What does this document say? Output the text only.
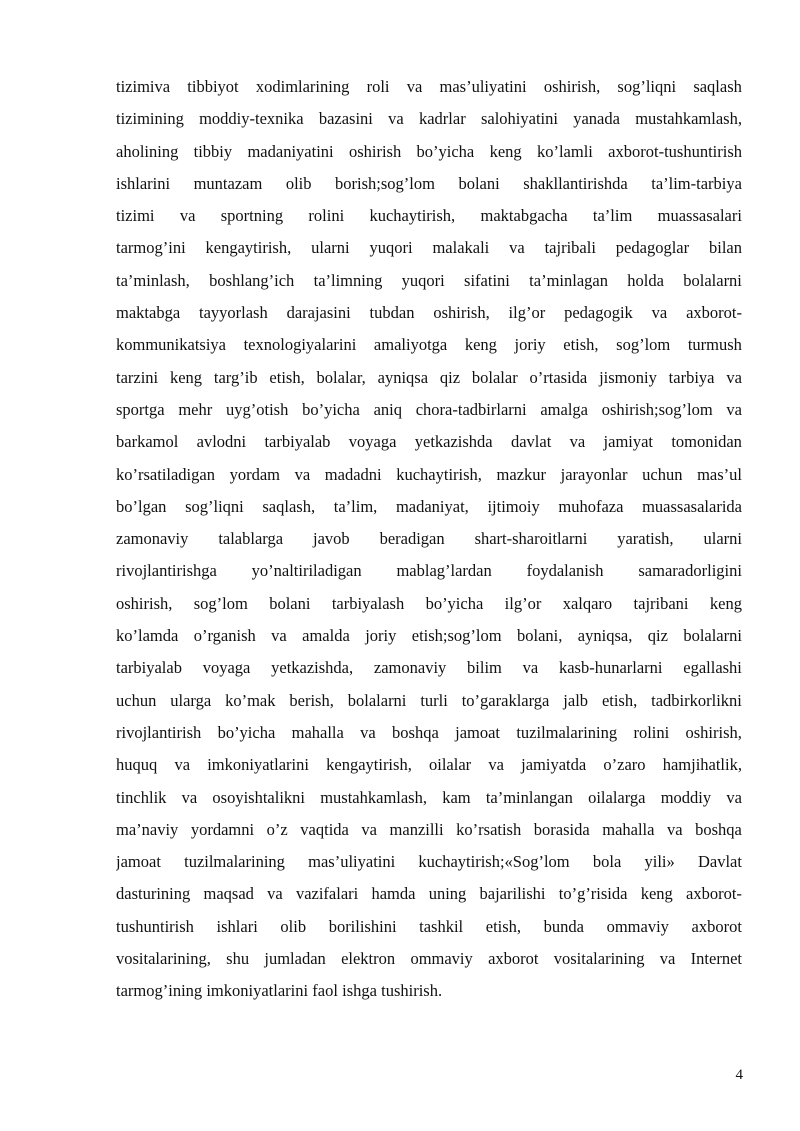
tizimiva tibbiyot xodimlarining roli va mas’uliyatini oshirish, sog’liqni saqlash
tizimining moddiy-texnika bazasini va kadrlar salohiyatini yanada mustahkamlash,
aholining tibbiy madaniyatini oshirish bo’yicha keng ko’lamli axborot-tushuntirish
ishlarini muntazam olib borish;sog’lom bolani shakllantirishda ta’lim-tarbiya
tizimi va sportning rolini kuchaytirish, maktabgacha ta’lim muassasalari
tarmog’ini kengaytirish, ularni yuqori malakali va tajribali pedagoglar bilan
ta’minlash, boshlang’ich ta’limning yuqori sifatini ta’minlagan holda bolalarni
maktabga tayyorlash darajasini tubdan oshirish, ilg’or pedagogik va axborot-
kommunikatsiya texnologiyalarini amaliyotga keng joriy etish, sog’lom turmush
tarzini keng targ’ib etish, bolalar, ayniqsa qiz bolalar o’rtasida jismoniy tarbiya va
sportga mehr uyg’otish bo’yicha aniq chora-tadbirlarni amalga oshirish;sog’lom va
barkamol avlodni tarbiyalab voyaga yetkazishda davlat va jamiyat tomonidan
ko’rsatiladigan yordam va madadni kuchaytirish, mazkur jarayonlar uchun mas’ul
bo’lgan sog’liqni saqlash, ta’lim, madaniyat, ijtimoiy muhofaza muassasalarida
zamonaviy talablarga javob beradigan shart-sharoitlarni yaratish, ularni
rivojlantirishga yo’naltiriladigan mablag’lardan foydalanish samaradorligini
oshirish, sog’lom bolani tarbiyalash bo’yicha ilg’or xalqaro tajribani keng
ko’lamda o’rganish va amalda joriy etish;sog’lom bolani, ayniqsa, qiz bolalarni
tarbiyalab voyaga yetkazishda, zamonaviy bilim va kasb-hunarlarni egallashi
uchun ularga ko’mak berish, bolalarni turli to’garaklarga jalb etish, tadbirkorlikni
rivojlantirish bo’yicha mahalla va boshqa jamoat tuzilmalarining rolini oshirish,
huquq va imkoniyatlarini kengaytirish, oilalar va jamiyatda o’zaro hamjihatlik,
tinchlik va osoyishtalikni mustahkamlash, kam ta’minlangan oilalarga moddiy va
ma’naviy yordamni o’z vaqtida va manzilli ko’rsatish borasida mahalla va boshqa
jamoat tuzilmalarining mas’uliyatini kuchaytirish;«Sog’lom bola yili» Davlat
dasturining maqsad va vazifalari hamda uning bajarilishi to’g’risida keng axborot-
tushuntirish ishlari olib borilishini tashkil etish, bunda ommaviy axborot
vositalarining, shu jumladan elektron ommaviy axborot vositalarining va Internet
tarmog’ining imkoniyatlarini faol ishga tushirish.
4
